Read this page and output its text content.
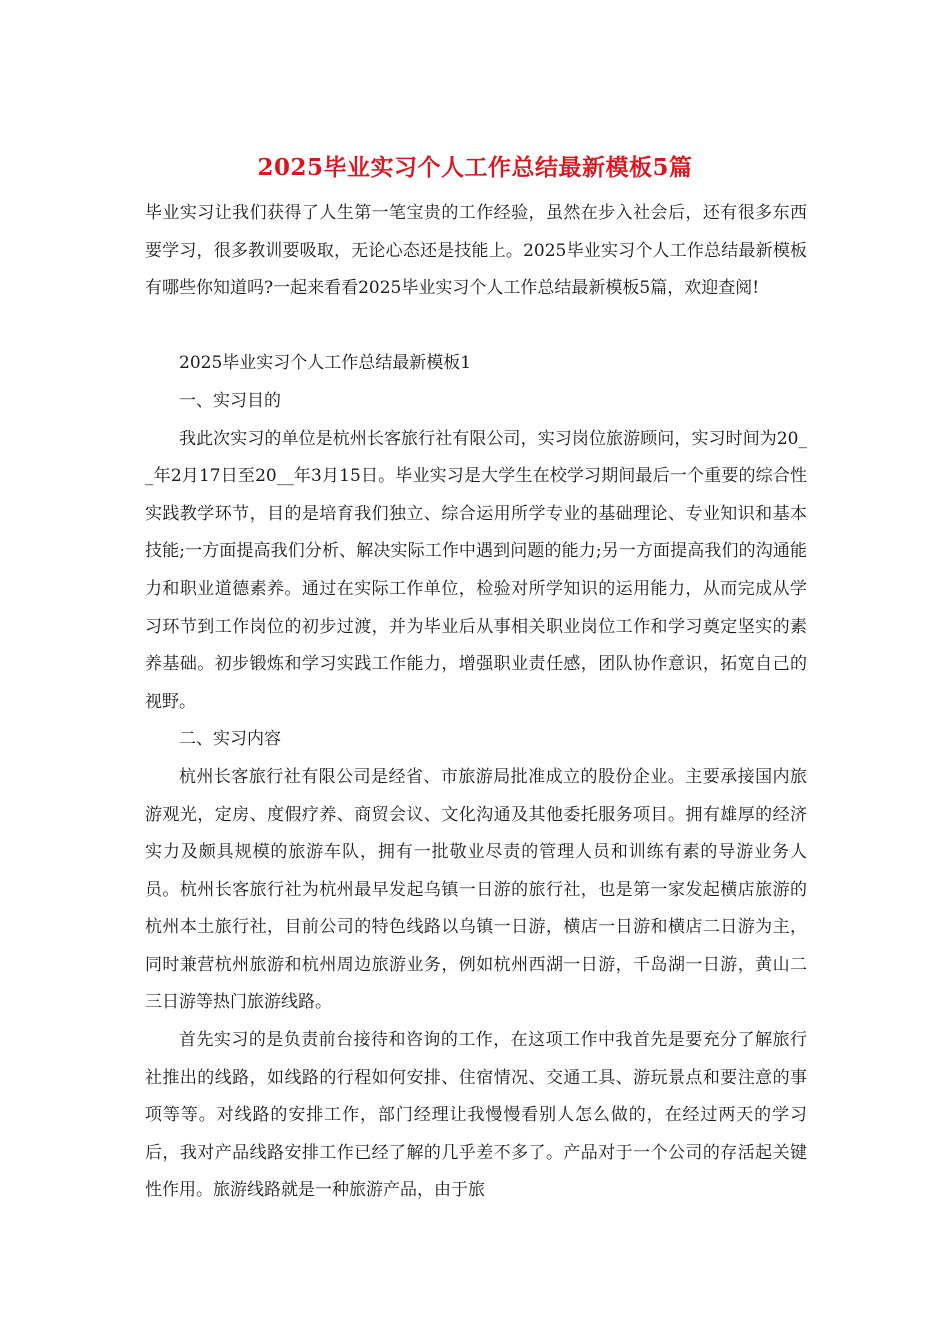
2025毕业实习个人工作总结最新模板5篇

毕业实习让我们获得了人生第一笔宝贵的工作经验，虽然在步入社会后，还有很多东西要学习，很多教训要吸取，无论心态还是技能上。2025毕业实习个人工作总结最新模板有哪些你知道吗?一起来看看2025毕业实习个人工作总结最新模板5篇，欢迎查阅!

2025毕业实习个人工作总结最新模板1

一、实习目的

我此次实习的单位是杭州长客旅行社有限公司，实习岗位旅游顾问，实习时间为20__年2月17日至20__年3月15日。毕业实习是大学生在校学习期间最后一个重要的综合性实践教学环节，目的是培育我们独立、综合运用所学专业的基础理论、专业知识和基本技能;一方面提高我们分析、解决实际工作中遇到问题的能力;另一方面提高我们的沟通能力和职业道德素养。通过在实际工作单位，检验对所学知识的运用能力，从而完成从学习环节到工作岗位的初步过渡，并为毕业后从事相关职业岗位工作和学习奠定坚实的素养基础。初步锻炼和学习实践工作能力，增强职业责任感，团队协作意识，拓宽自己的视野。

二、实习内容

杭州长客旅行社有限公司是经省、市旅游局批准成立的股份企业。主要承接国内旅游观光，定房、度假疗养、商贸会议、文化沟通及其他委托服务项目。拥有雄厚的经济实力及颇具规模的旅游车队，拥有一批敬业尽责的管理人员和训练有素的导游业务人员。杭州长客旅行社为杭州最早发起乌镇一日游的旅行社，也是第一家发起横店旅游的杭州本土旅行社，目前公司的特色线路以乌镇一日游，横店一日游和横店二日游为主，同时兼营杭州旅游和杭州周边旅游业务，例如杭州西湖一日游，千岛湖一日游，黄山二三日游等热门旅游线路。

首先实习的是负责前台接待和咨询的工作，在这项工作中我首先是要充分了解旅行社推出的线路，如线路的行程如何安排、住宿情况、交通工具、游玩景点和要注意的事项等等。对线路的安排工作，部门经理让我慢慢看别人怎么做的，在经过两天的学习后，我对产品线路安排工作已经了解的几乎差不多了。产品对于一个公司的存活起关键性作用。旅游线路就是一种旅游产品，由于旅
